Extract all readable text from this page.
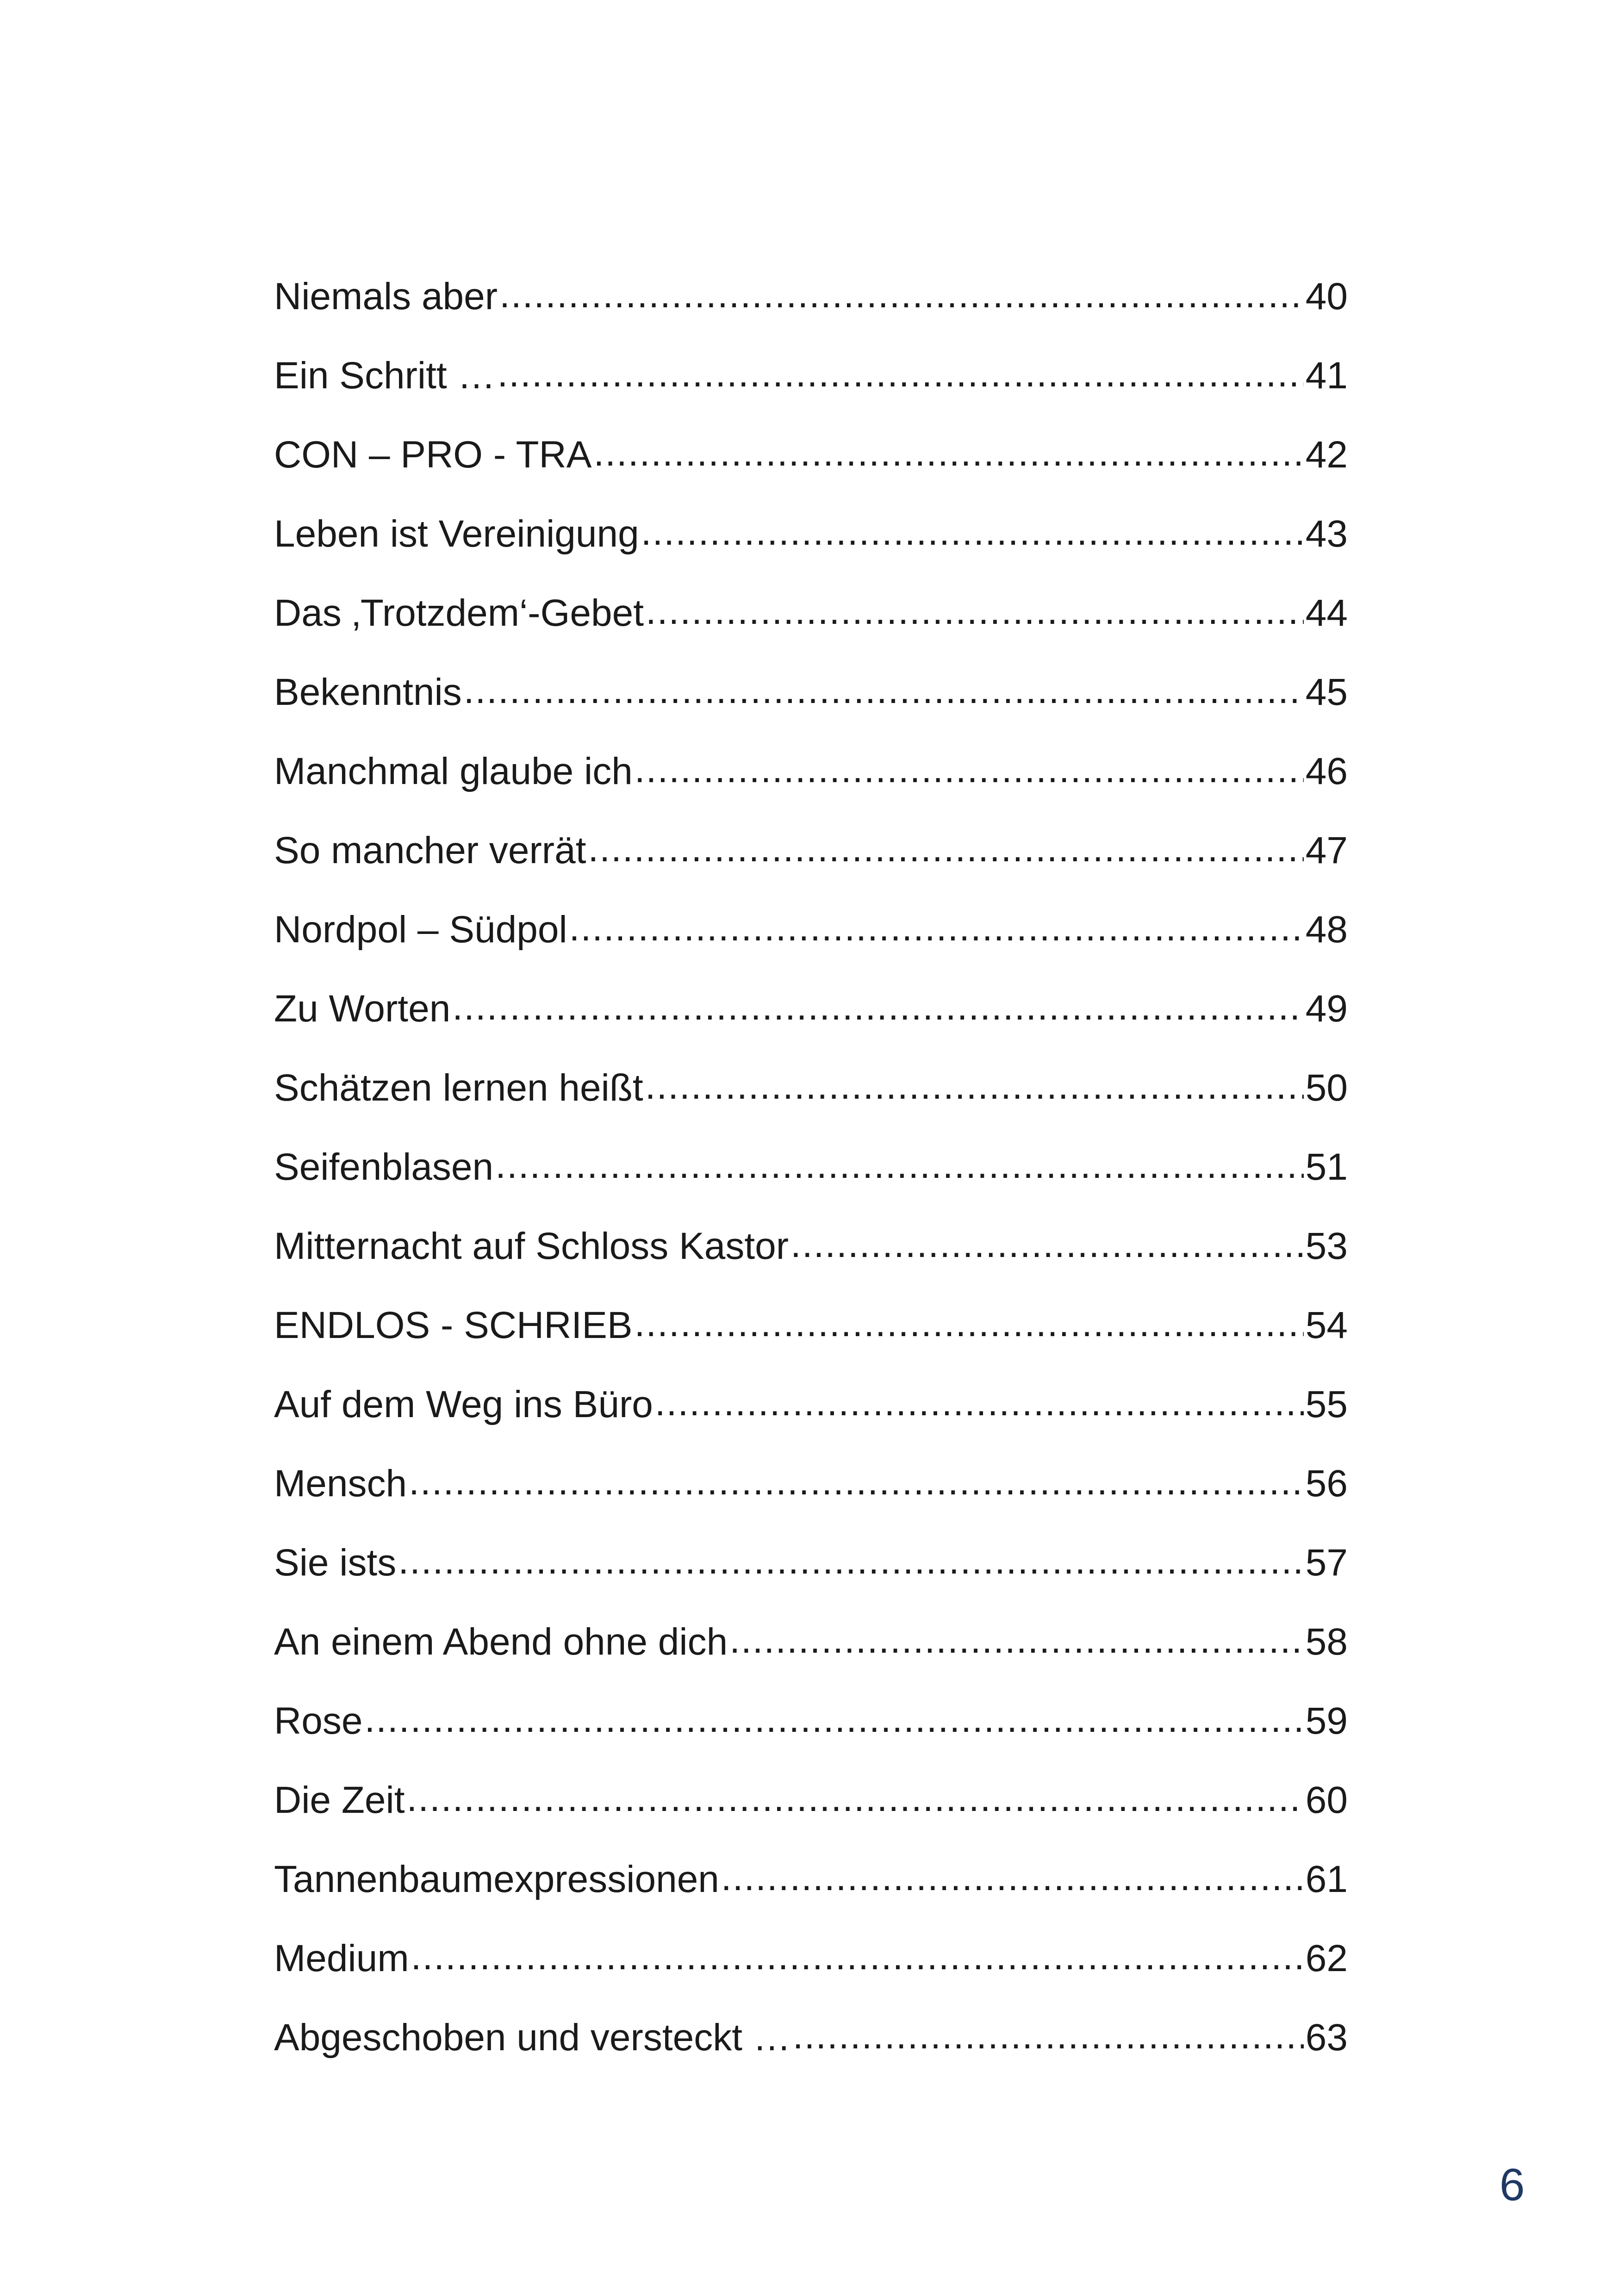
Niemals aber .....	40
Ein Schritt … .....	41
CON – PRO - TRA .....	42
Leben ist Vereinigung .....	43
Das ‚Trotzdem‘-Gebet .....	44
Bekenntnis .....	45
Manchmal glaube ich .....	46
So mancher verrät .....	47
Nordpol – Südpol .....	48
Zu Worten .....	49
Schätzen lernen heißt .....	50
Seifenblasen .....	51
Mitternacht auf Schloss Kastor .....	53
ENDLOS - SCHRIEB .....	54
Auf dem Weg ins Büro .....	55
Mensch .....	56
Sie ists .....	57
An einem Abend ohne dich .....	58
Rose .....	59
Die Zeit .....	60
Tannenbaumexpressionen .....	61
Medium .....	62
Abgeschoben und versteckt … .....	63
6
